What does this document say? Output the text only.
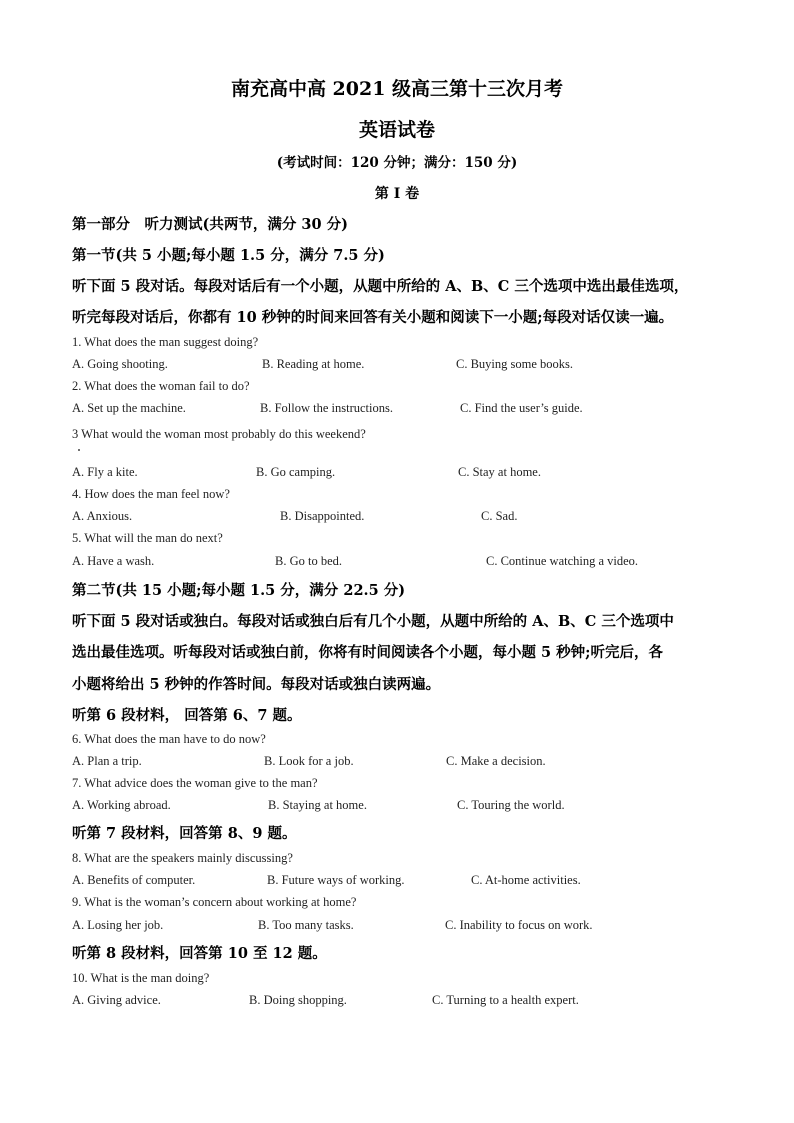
南充高中高 2021 级高三第十三次月考
英语试卷
(考试时间：120 分钟；满分：150 分)
第 I 卷
第一部分　听力测试(共两节，满分 30 分)
第一节(共 5 小题;每小题 1.5 分，满分 7.5 分)
听下面 5 段对话。每段对话后有一个小题，从题中所给的 A、B、C 三个选项中选出最佳选项，
听完每段对话后，你都有 10 秒钟的时间来回答有关小题和阅读下一小题;每段对话仅读一遍。
1. What does the man suggest doing?
A. Going shooting.	B. Reading at home.	C. Buying some books.
2. What does the woman fail to do?
A. Set up the machine.	B. Follow the instructions.	C. Find the user’s guide.
3 What would the woman most probably do this weekend?
A. Fly a kite.	B. Go camping.	C. Stay at home.
4. How does the man feel now?
A. Anxious.	B. Disappointed.	C. Sad.
5. What will the man do next?
A. Have a wash.	B. Go to bed.	C. Continue watching a video.
第二节(共 15 小题;每小题 1.5 分，满分 22.5 分)
听下面 5 段对话或独白。每段对话或独白后有几个小题，从题中所给的 A、B、C 三个选项中
选出最佳选项。听每段对话或独白前，你将有时间阅读各个小题，每小题 5 秒钟;听完后，各
小题将给出 5 秒钟的作答时间。每段对话或独白读两遍。
听第 6 段材料， 回答第 6、7 题。
6. What does the man have to do now?
A. Plan a trip.	B. Look for a job.	C. Make a decision.
7. What advice does the woman give to the man?
A. Working abroad.	B. Staying at home.	C. Touring the world.
听第 7 段材料，回答第 8、9 题。
8. What are the speakers mainly discussing?
A. Benefits of computer.	B. Future ways of working.	C. At-home activities.
9. What is the woman’s concern about working at home?
A. Losing her job.	B. Too many tasks.	C. Inability to focus on work.
听第 8 段材料，回答第 10 至 12 题。
10. What is the man doing?
A. Giving advice.	B. Doing shopping.	C. Turning to a health expert.
